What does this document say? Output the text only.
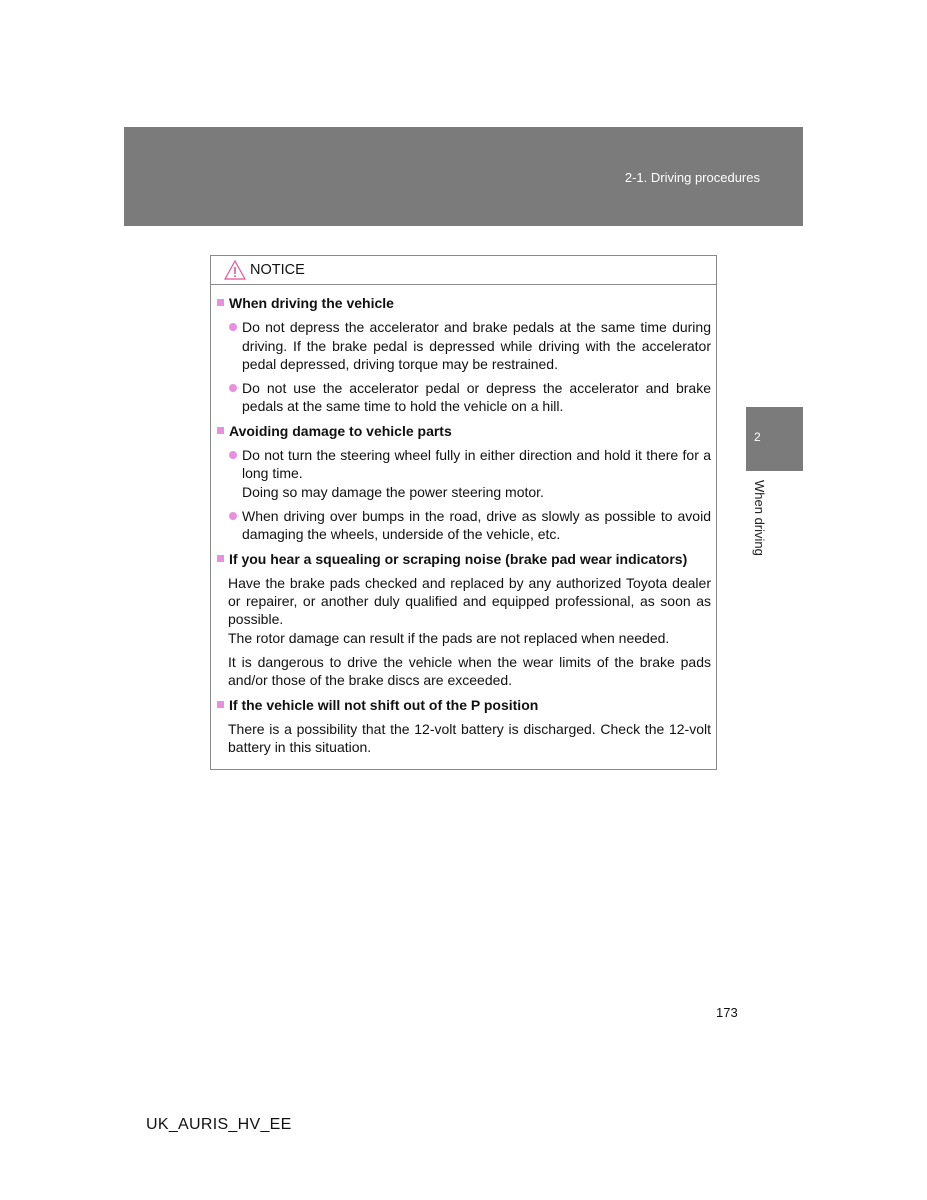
2-1. Driving procedures
2
When driving
NOTICE
When driving the vehicle
Do not depress the accelerator and brake pedals at the same time during driving. If the brake pedal is depressed while driving with the accelerator pedal depressed, driving torque may be restrained.
Do not use the accelerator pedal or depress the accelerator and brake pedals at the same time to hold the vehicle on a hill.
Avoiding damage to vehicle parts
Do not turn the steering wheel fully in either direction and hold it there for a long time.
Doing so may damage the power steering motor.
When driving over bumps in the road, drive as slowly as possible to avoid damaging the wheels, underside of the vehicle, etc.
If you hear a squealing or scraping noise (brake pad wear indicators)
Have the brake pads checked and replaced by any authorized Toyota dealer or repairer, or another duly qualified and equipped professional, as soon as possible.
The rotor damage can result if the pads are not replaced when needed.
It is dangerous to drive the vehicle when the wear limits of the brake pads and/or those of the brake discs are exceeded.
If the vehicle will not shift out of the P position
There is a possibility that the 12-volt battery is discharged. Check the 12-volt battery in this situation.
173
UK_AURIS_HV_EE
